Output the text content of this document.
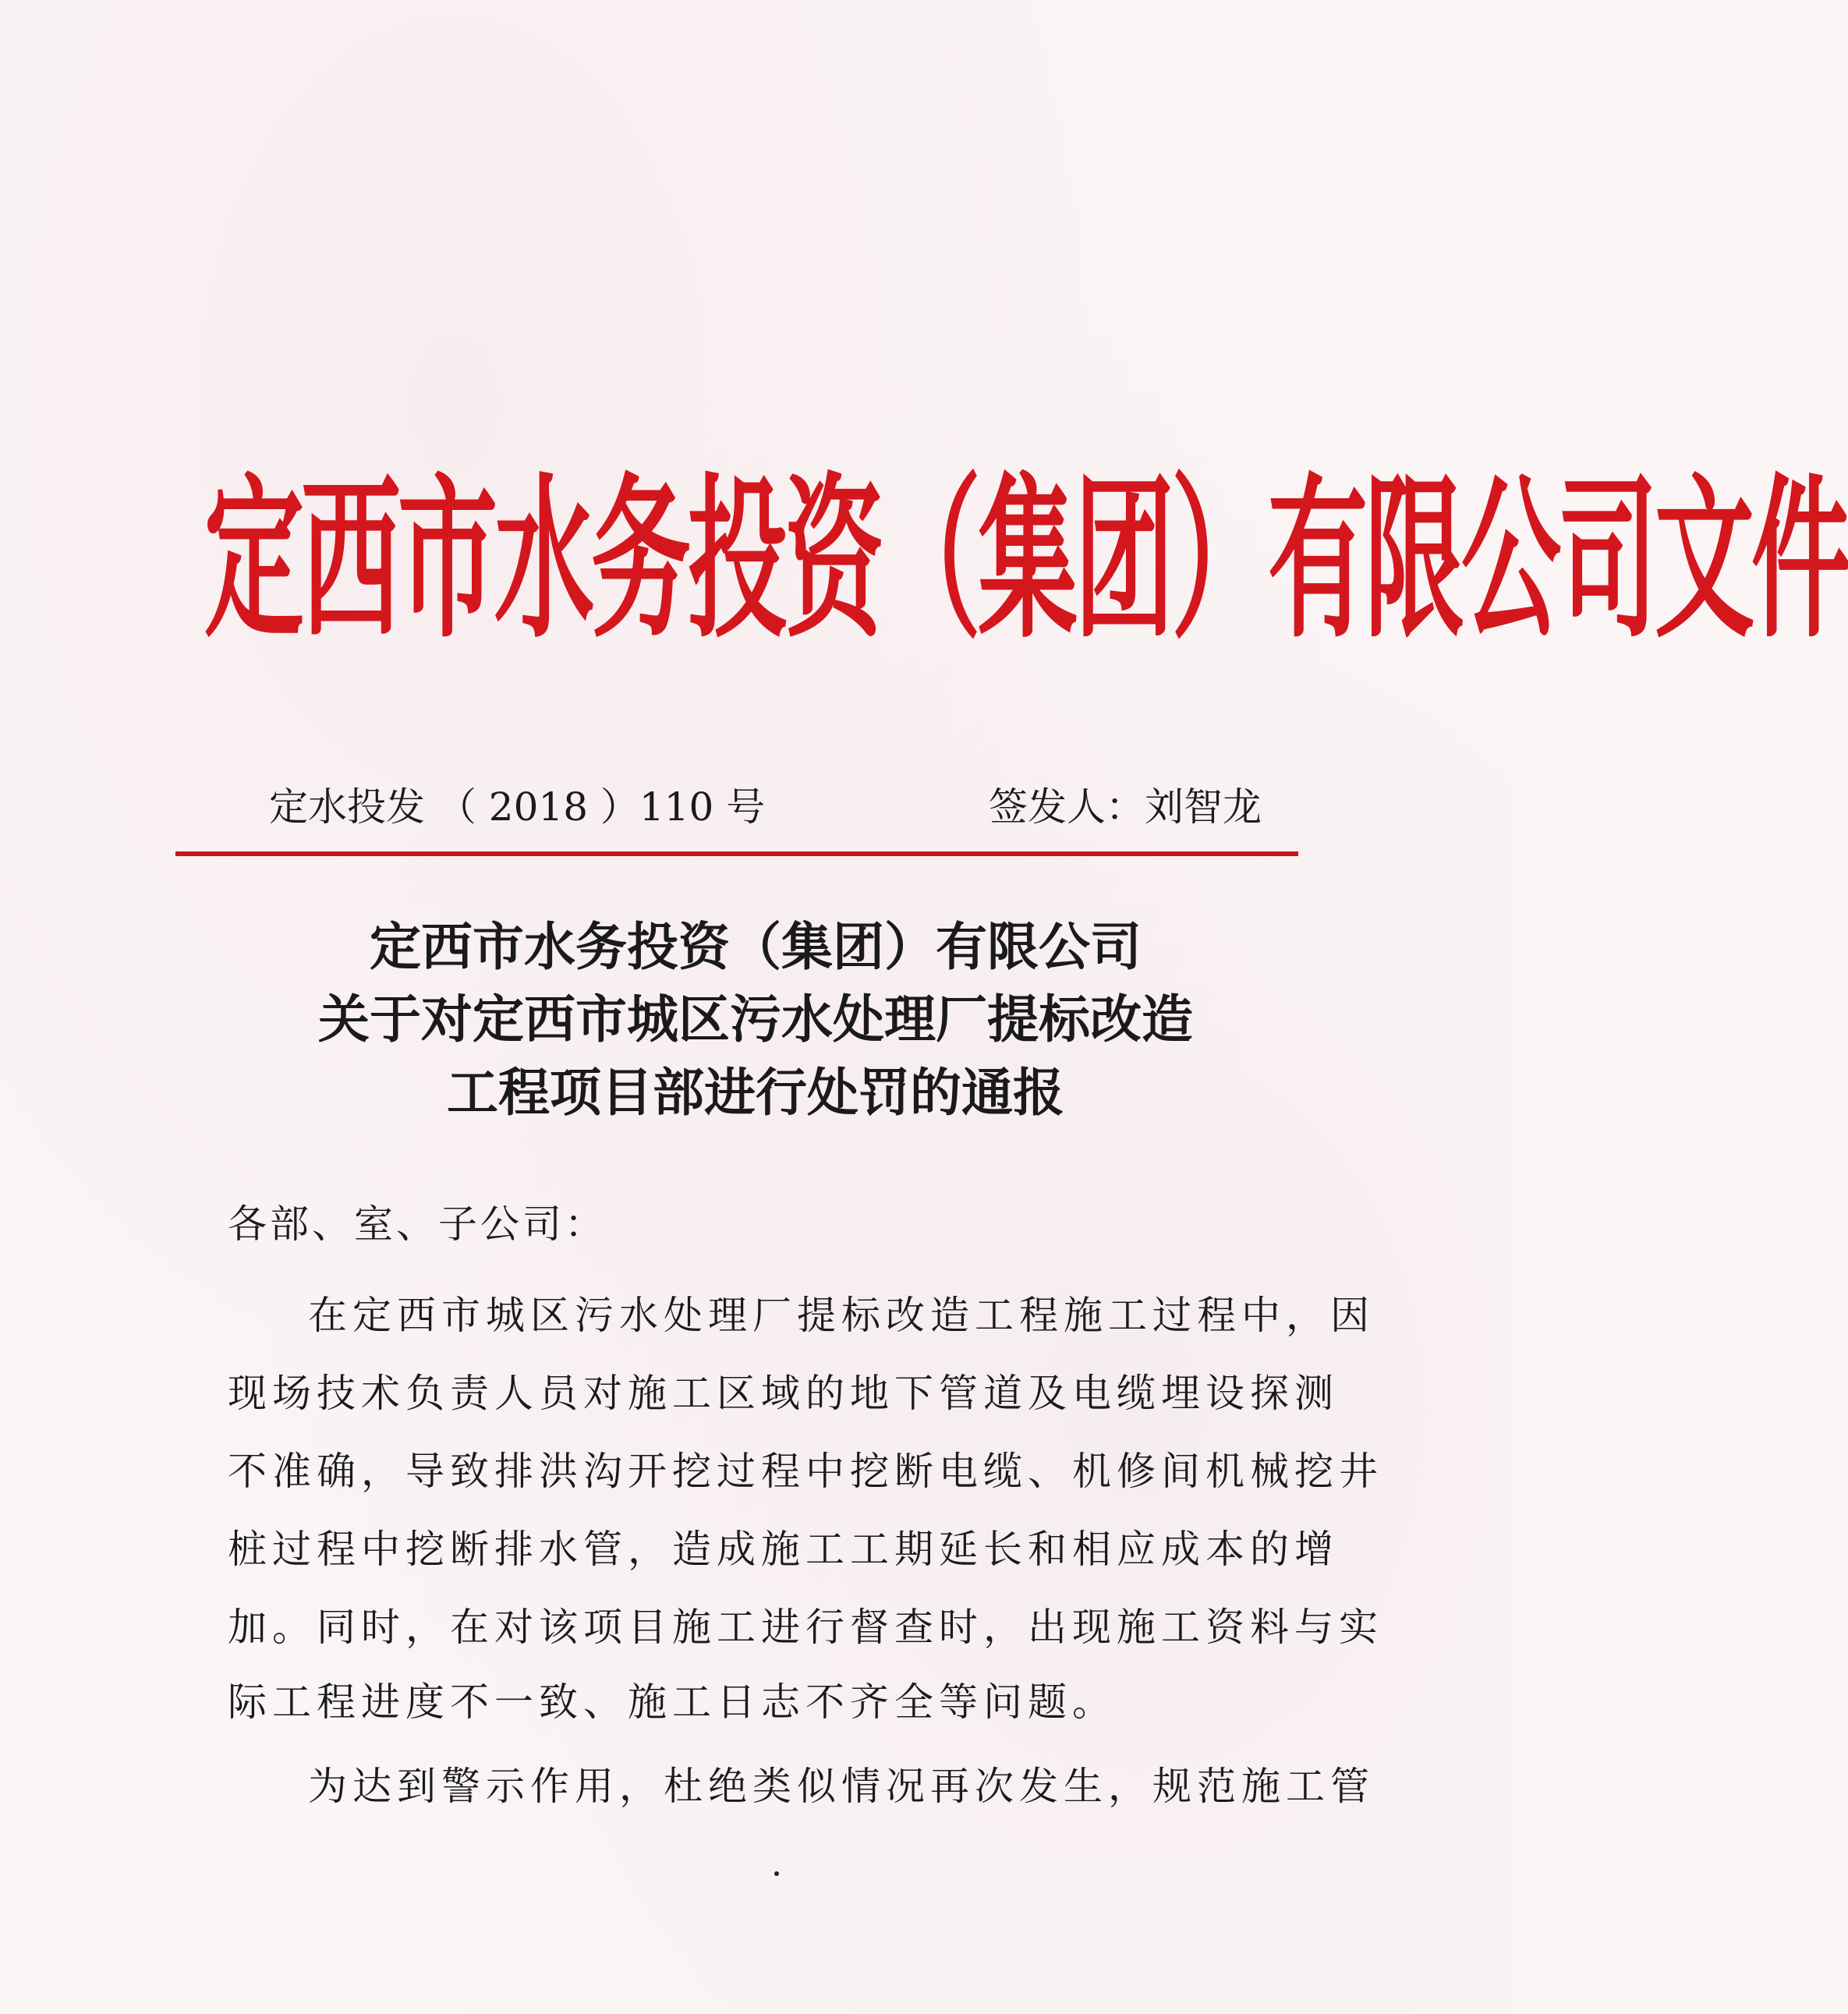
定西市水务投资（集团）有限公司文件
定水投发 （ 2018 ）110 号	签发人：刘智龙
定西市水务投资（集团）有限公司
关于对定西市城区污水处理厂提标改造
工程项目部进行处罚的通报
各部、室、子公司：
在定西市城区污水处理厂提标改造工程施工过程中，因
现场技术负责人员对施工区域的地下管道及电缆埋设探测
不准确，导致排洪沟开挖过程中挖断电缆、机修间机械挖井
桩过程中挖断排水管，造成施工工期延长和相应成本的增
加。同时，在对该项目施工进行督查时，出现施工资料与实
际工程进度不一致、施工日志不齐全等问题。
为达到警示作用，杜绝类似情况再次发生，规范施工管
